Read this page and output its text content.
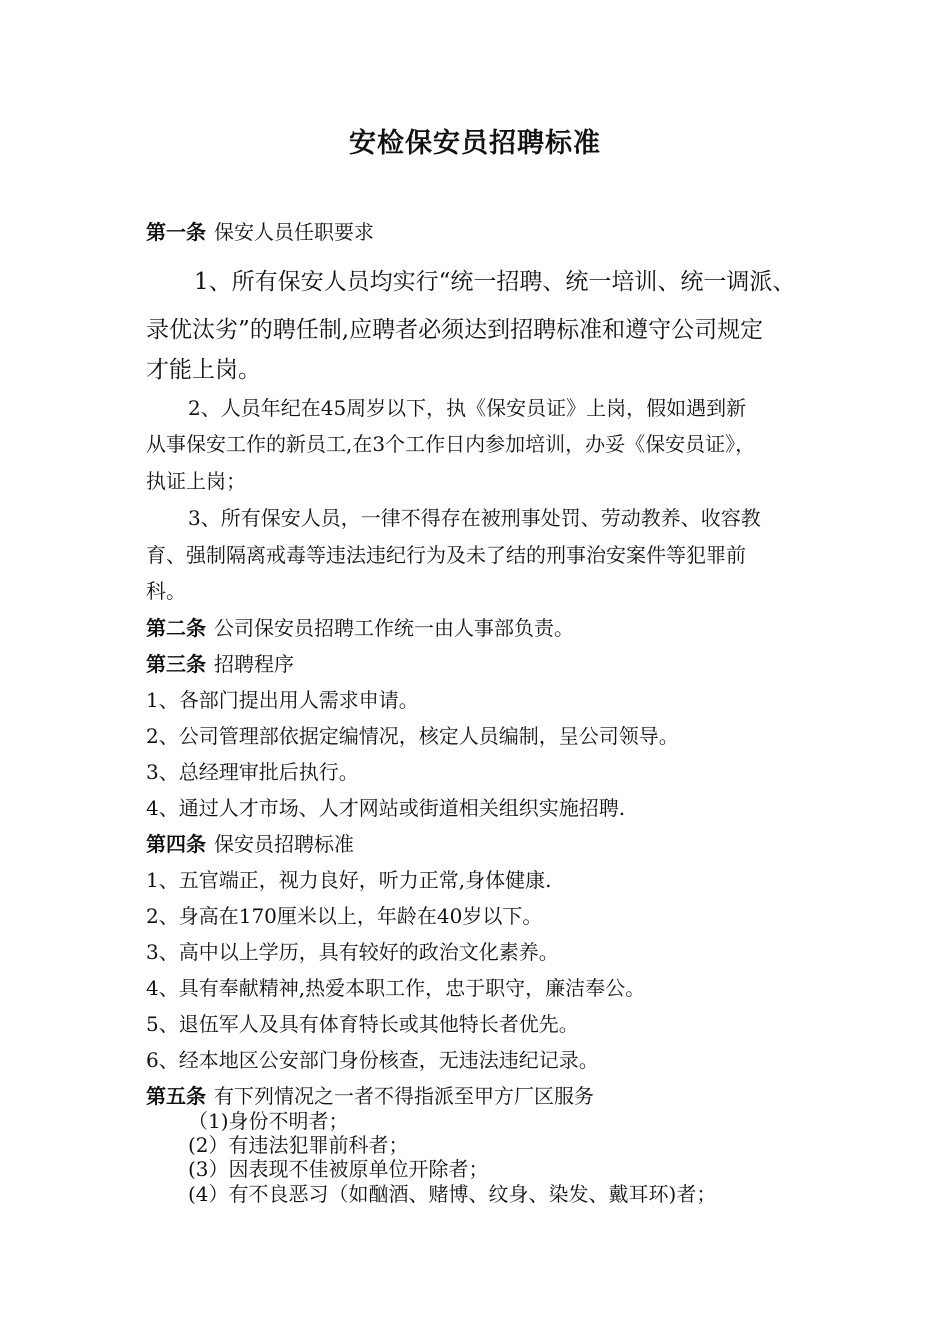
安检保安员招聘标准
第一条 保安人员任职要求
1、所有保安人员均实行“统一招聘、统一培训、统一调派、
录优汰劣”的聘任制,应聘者必须达到招聘标准和遵守公司规定
才能上岗。
2、人员年纪在45周岁以下，执《保安员证》上岗，假如遇到新
从事保安工作的新员工,在3个工作日内参加培训，办妥《保安员证》，
执证上岗；
3、所有保安人员，一律不得存在被刑事处罚、劳动教养、收容教
育、强制隔离戒毒等违法违纪行为及未了结的刑事治安案件等犯罪前
科。
第二条 公司保安员招聘工作统一由人事部负责。
第三条 招聘程序
1、各部门提出用人需求申请。
2、公司管理部依据定编情况，核定人员编制，呈公司领导。
3、总经理审批后执行。
4、通过人才市场、人才网站或街道相关组织实施招聘.
第四条 保安员招聘标准
1、五官端正，视力良好，听力正常,身体健康.
2、身高在170厘米以上，年龄在40岁以下。
3、高中以上学历，具有较好的政治文化素养。
4、具有奉献精神,热爱本职工作，忠于职守，廉洁奉公。
5、退伍军人及具有体育特长或其他特长者优先。
6、经本地区公安部门身份核查，无违法违纪记录。
第五条 有下列情况之一者不得指派至甲方厂区服务
（1)身份不明者；
(2）有违法犯罪前科者；
(3）因表现不佳被原单位开除者；
(4）有不良恶习（如酗酒、赌博、纹身、染发、戴耳环)者；
